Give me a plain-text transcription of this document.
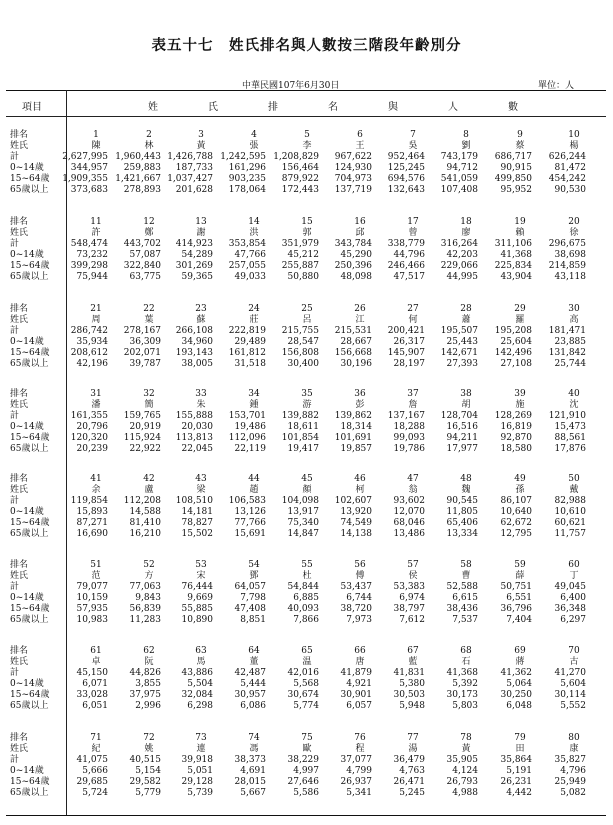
表五十七　姓氏排名與人數按三階段年齡別分
中華民國107年6月30日	單位：人
項目	姓	氏	排	名	與	人	數
排名	1	2	3	4	5	6	7	8	9	10
姓氏	陳	林	黃	張	李	王	吳	劉	蔡	楊
計	2,627,995 1,960,443 1,426,788 1,242,595 1,208,829	967,622	952,464	743,179	686,717	626,244
0~14歲	344,957	259,883	187,733	161,296	156,464	124,930	125,245	94,712	90,915	81,472
15~64歲	1,909,355 1,421,667 1,037,427	903,235	879,922	704,973	694,576	541,059	499,850	454,242
65歲以上	373,683	278,893	201,628	178,064	172,443	137,719	132,643	107,408	95,952	90,530
排名	11	12	13	14	15	16	17	18	19	20
姓氏	許	鄭	謝	洪	郭	邱	曾	廖	賴	徐
計	548,474	443,702	414,923	353,854	351,979	343,784	338,779	316,264	311,106	296,675
0~14歲	73,232	57,087	54,289	47,766	45,212	45,290	44,796	42,203	41,368	38,698
15~64歲	399,298	322,840	301,269	257,055	255,887	250,396	246,466	229,066	225,834	214,859
65歲以上	75,944	63,775	59,365	49,033	50,880	48,098	47,517	44,995	43,904	43,118
排名	21	22	23	24	25	26	27	28	29	30
姓氏	周	葉	蘇	莊	呂	江	何	蕭	羅	高
計	286,742	278,167	266,108	222,819	215,755	215,531	200,421	195,507	195,208	181,471
0~14歲	35,934	36,309	34,960	29,489	28,547	28,667	26,317	25,443	25,604	23,885
15~64歲	208,612	202,071	193,143	161,812	156,808	156,668	145,907	142,671	142,496	131,842
65歲以上	42,196	39,787	38,005	31,518	30,400	30,196	28,197	27,393	27,108	25,744
排名	31	32	33	34	35	36	37	38	39	40
姓氏	潘	簡	朱	鍾	游	彭	詹	胡	施	沈
計	161,355	159,765	155,888	153,701	139,882	139,862	137,167	128,704	128,269	121,910
0~14歲	20,796	20,919	20,030	19,486	18,611	18,314	18,288	16,516	16,819	15,473
15~64歲	120,320	115,924	113,813	112,096	101,854	101,691	99,093	94,211	92,870	88,561
65歲以上	20,239	22,922	22,045	22,119	19,417	19,857	19,786	17,977	18,580	17,876
排名	41	42	43	44	45	46	47	48	49	50
姓氏	余	盧	梁	趙	顏	柯	翁	魏	孫	戴
計	119,854	112,208	108,510	106,583	104,098	102,607	93,602	90,545	86,107	82,988
0~14歲	15,893	14,588	14,181	13,126	13,917	13,920	12,070	11,805	10,640	10,610
15~64歲	87,271	81,410	78,827	77,766	75,340	74,549	68,046	65,406	62,672	60,621
65歲以上	16,690	16,210	15,502	15,691	14,847	14,138	13,486	13,334	12,795	11,757
排名	51	52	53	54	55	56	57	58	59	60
姓氏	范	方	宋	鄧	杜	傅	侯	曹	薛	丁
計	79,077	77,063	76,444	64,057	54,844	53,437	53,383	52,588	50,751	49,045
0~14歲	10,159	9,843	9,669	7,798	6,885	6,744	6,974	6,615	6,551	6,400
15~64歲	57,935	56,839	55,885	47,408	40,093	38,720	38,797	38,436	36,796	36,348
65歲以上	10,983	11,283	10,890	8,851	7,866	7,973	7,612	7,537	7,404	6,297
排名	61	62	63	64	65	66	67	68	69	70
姓氏	卓	阮	馬	董	温	唐	藍	石	蔣	古
計	45,150	44,826	43,886	42,487	42,016	41,879	41,831	41,368	41,362	41,270
0~14歲	6,071	3,855	5,504	5,444	5,568	4,921	5,380	5,392	5,064	5,604
15~64歲	33,028	37,975	32,084	30,957	30,674	30,901	30,503	30,173	30,250	30,114
65歲以上	6,051	2,996	6,298	6,086	5,774	6,057	5,948	5,803	6,048	5,552
排名	71	72	73	74	75	76	77	78	79	80
姓氏	紀	姚	連	馮	歐	程	湯	黃	田	康
計	41,075	40,515	39,918	38,373	38,229	37,077	36,479	35,905	35,864	35,827
0~14歲	5,666	5,154	5,051	4,691	4,997	4,799	4,763	4,124	5,191	4,796
15~64歲	29,685	29,582	29,128	28,015	27,646	26,937	26,471	26,793	26,231	25,949
65歲以上	5,724	5,779	5,739	5,667	5,586	5,341	5,245	4,988	4,442	5,082
